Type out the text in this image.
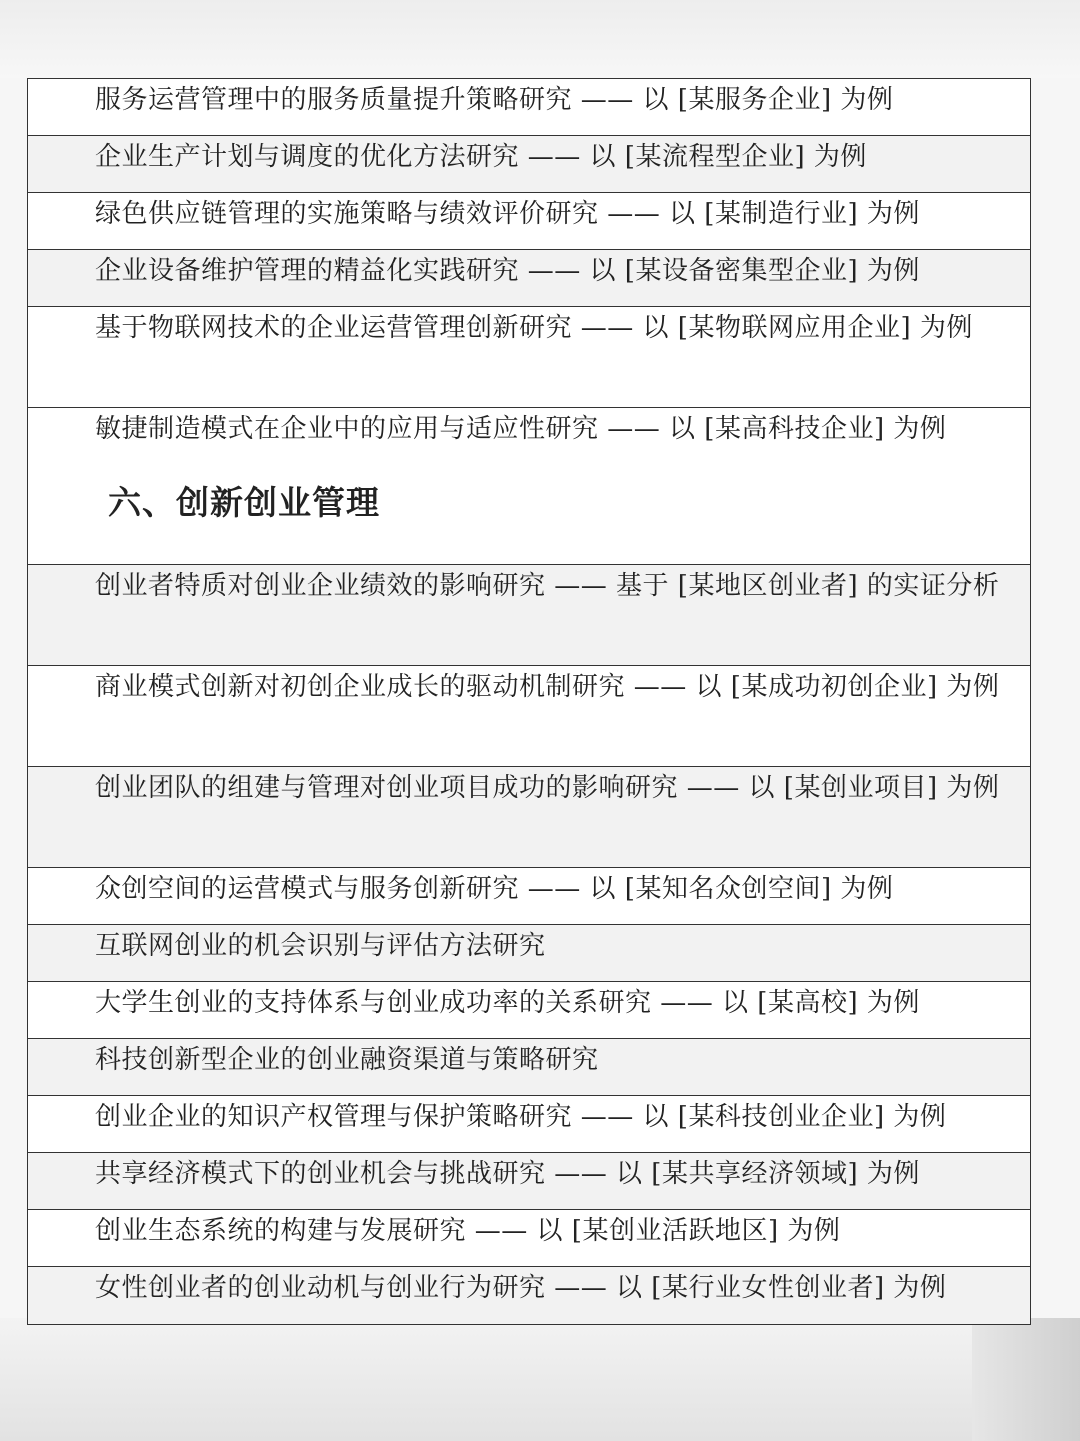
服务运营管理中的服务质量提升策略研究 —— 以 [某服务企业] 为例
企业生产计划与调度的优化方法研究 —— 以 [某流程型企业] 为例
绿色供应链管理的实施策略与绩效评价研究 —— 以 [某制造行业] 为例
企业设备维护管理的精益化实践研究 —— 以 [某设备密集型企业] 为例
基于物联网技术的企业运营管理创新研究 —— 以 [某物联网应用企业] 为例
敏捷制造模式在企业中的应用与适应性研究 —— 以 [某高科技企业] 为例
六、创新创业管理
创业者特质对创业企业绩效的影响研究 —— 基于 [某地区创业者] 的实证分析
商业模式创新对初创企业成长的驱动机制研究 —— 以 [某成功初创企业] 为例
创业团队的组建与管理对创业项目成功的影响研究 —— 以 [某创业项目] 为例
众创空间的运营模式与服务创新研究 —— 以 [某知名众创空间] 为例
互联网创业的机会识别与评估方法研究
大学生创业的支持体系与创业成功率的关系研究 —— 以 [某高校] 为例
科技创新型企业的创业融资渠道与策略研究
创业企业的知识产权管理与保护策略研究 —— 以 [某科技创业企业] 为例
共享经济模式下的创业机会与挑战研究 —— 以 [某共享经济领域] 为例
创业生态系统的构建与发展研究 —— 以 [某创业活跃地区] 为例
女性创业者的创业动机与创业行为研究 —— 以 [某行业女性创业者] 为例
